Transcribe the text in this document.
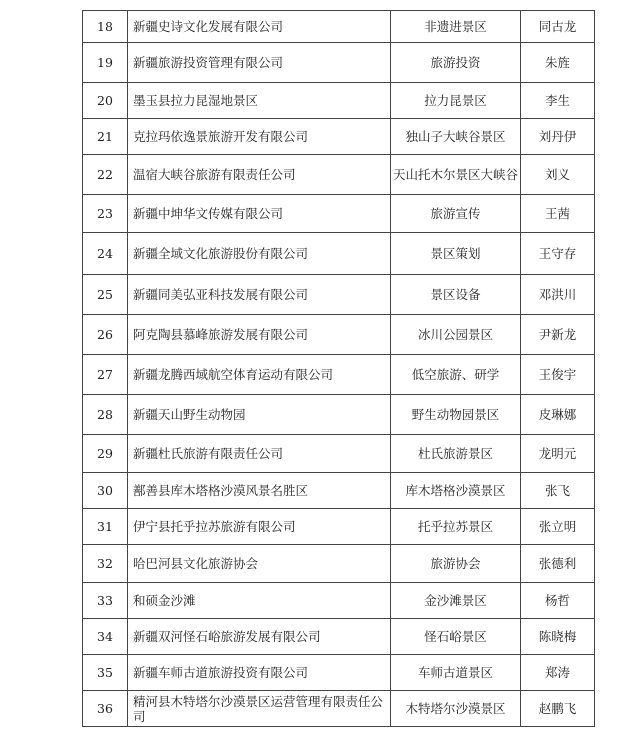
18	新疆史诗文化发展有限公司	非遗进景区	同古龙
19	新疆旅游投资管理有限公司	旅游投资	朱旌
20	墨玉县拉力昆湿地景区	拉力昆景区	李生
21	克拉玛依逸景旅游开发有限公司	独山子大峡谷景区	刘丹伊
22	温宿大峡谷旅游有限责任公司	天山托木尔景区大峡谷	刘义
23	新疆中坤华文传媒有限公司	旅游宣传	王茜
24	新疆全域文化旅游股份有限公司	景区策划	王守存
25	新疆同美弘亚科技发展有限公司	景区设备	邓洪川
26	阿克陶县慕峰旅游发展有限公司	冰川公园景区	尹新龙
27	新疆龙腾西域航空体育运动有限公司	低空旅游、研学	王俊宇
28	新疆天山野生动物园	野生动物园景区	皮琳娜
29	新疆杜氏旅游有限责任公司	杜氏旅游景区	龙明元
30	鄯善县库木塔格沙漠风景名胜区	库木塔格沙漠景区	张飞
31	伊宁县托乎拉苏旅游有限公司	托乎拉苏景区	张立明
32	哈巴河县文化旅游协会	旅游协会	张德利
33	和硕金沙滩	金沙滩景区	杨哲
34	新疆双河怪石峪旅游发展有限公司	怪石峪景区	陈晓梅
35	新疆车师古道旅游投资有限公司	车师古道景区	郑涛
36	精河县木特塔尔沙漠景区运营管理有限责任公司	木特塔尔沙漠景区	赵鹏飞
